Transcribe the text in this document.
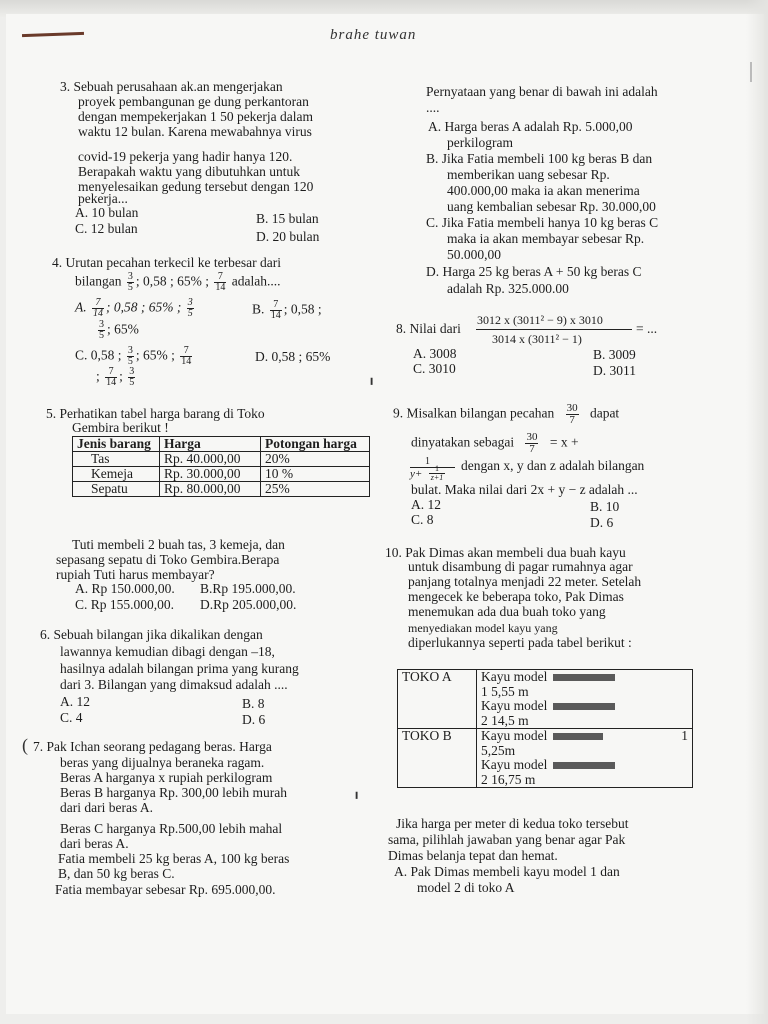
brahe tuwan
3. Sebuah perusahaan ak.an mengerjakan
proyek pembangunan ge dung perkantoran
dengan mempekerjakan 1 50 pekerja dalam
waktu 12 bulan. Karena mewabahnya virus
covid-19 pekerja yang hadir hanya 120.
Berapakah waktu yang dibutuhkan untuk
menyelesaikan gedung tersebut dengan 120
pekerja...
A. 10 bulan	B. 15 bulan
C. 12 bulan
D. 20 bulan
4. Urutan pecahan terkecil ke terbesar dari
bilangan $\frac{3}{5}$ ; 0,58 ; 65% ; $\frac{7}{14}$ adalah....
A. $\frac{7}{14}$ ; 0,58 ; 65% ; $\frac{3}{5}$	B. $\frac{7}{14}$ ; 0,58 ;
$\frac{3}{5}$ ; 65%
C. 0,58 ; $\frac{3}{5}$ ; 65% ; $\frac{7}{14}$	D. 0,58 ; 65%
; $\frac{7}{14}$ ; $\frac{3}{5}$
5. Perhatikan tabel harga barang di Toko
Gembira berikut !
Jenis barang	Harga	Potongan harga
Tas	Rp. 40.000,00	20%
Kemeja	Rp. 30.000,00	10 %
Sepatu	Rp. 80.000,00	25%
Tuti membeli 2 buah tas, 3 kemeja, dan
sepasang sepatu di Toko Gembira.Berapa
rupiah Tuti harus membayar?
A. Rp 150.000,00. B.Rp 195.000,00.
C. Rp 155.000,00. D.Rp 205.000,00.
6. Sebuah bilangan jika dikalikan dengan
lawannya kemudian dibagi dengan –18,
hasilnya adalah bilangan prima yang kurang
dari 3. Bilangan yang dimaksud adalah ....
A. 12	B. 8
C. 4	D. 6
( 7. Pak Ichan seorang pedagang beras. Harga
beras yang dijualnya beraneka ragam.
Beras A harganya x rupiah perkilogram
Beras B harganya Rp. 300,00 lebih murah
dari dari beras A.
Beras C harganya Rp.500,00 lebih mahal
dari beras A.
Fatia membeli 25 kg beras A, 100 kg beras
B, dan 50 kg beras C.
Fatia membayar sebesar Rp. 695.000,00.
Pernyataan yang benar di bawah ini adalah
....
A. Harga beras A adalah Rp. 5.000,00
perkilogram
B. Jika Fatia membeli 100 kg beras B dan
memberikan uang sebesar Rp.
400.000,00 maka ia akan menerima
uang kembalian sebesar Rp. 30.000,00
C. Jika Fatia membeli hanya 10 kg beras C
maka ia akan membayar sebesar Rp.
50.000,00
D. Harga 25 kg beras A + 50 kg beras C
adalah Rp. 325.000.00
8. Nilai dari
3012 x (3011² − 9) x 3010
3014 x (3011² − 1)
= ...
A. 3008	B. 3009
C. 3010	D. 3011
9. Misalkan bilangan pecahan $\frac{30}{7}$ dapat
dinyatakan sebagai $\frac{30}{7} = x$ +
1
y+	1
z+1
dengan x, y dan z adalah bilangan
bulat. Maka nilai dari 2x + y − z adalah ...
A. 12	B. 10
C. 8	D. 6
10. Pak Dimas akan membeli dua buah kayu
untuk disambung di pagar rumahnya agar
panjang totalnya menjadi 22 meter. Setelah
mengecek ke beberapa toko, Pak Dimas
menemukan ada dua buah toko yang
menyediakan model kayu yang
diperlukannya seperti pada tabel berikut :
TOKO A	Kayu model
1 5,55 m
Kayu model
2 14,5 m

TOKO B	Kayu model 1
5,25m
Kayu model
2 16,75 m
Jika harga per meter di kedua toko tersebut
sama, pilihlah jawaban yang benar agar Pak
Dimas belanja tepat dan hemat.
A. Pak Dimas membeli kayu model 1 dan
model 2 di toko A
╹
╹
